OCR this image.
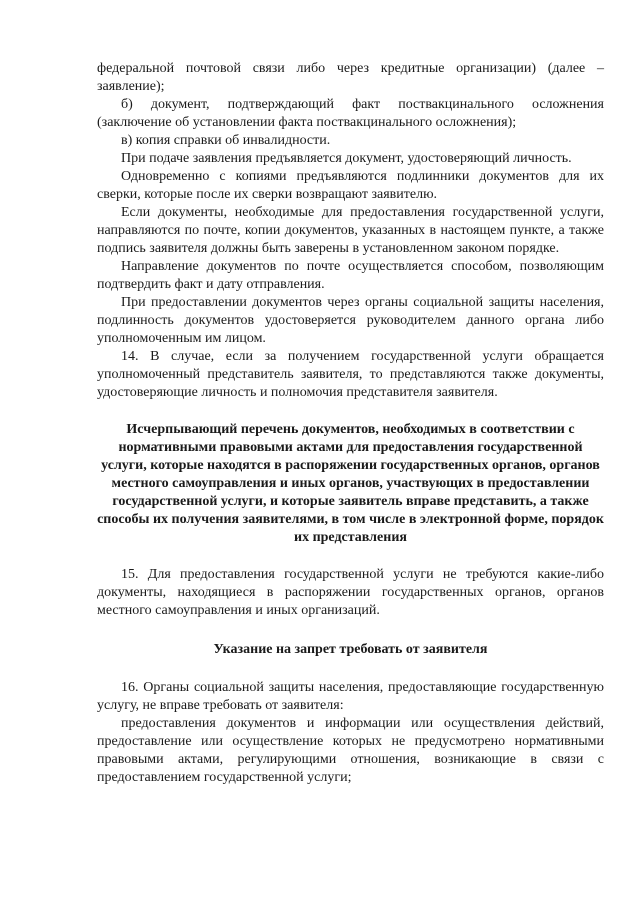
федеральной почтовой связи либо через кредитные организации) (далее – заявление);

б) документ, подтверждающий факт поствакцинального осложнения (заключение об установлении факта поствакцинального осложнения);

в) копия справки об инвалидности.

При подаче заявления предъявляется документ, удостоверяющий личность.

Одновременно с копиями предъявляются подлинники документов для их сверки, которые после их сверки возвращают заявителю.

Если документы, необходимые для предоставления государственной услуги, направляются по почте, копии документов, указанных в настоящем пункте, а также подпись заявителя должны быть заверены в установленном законом порядке.

Направление документов по почте осуществляется способом, позволяющим подтвердить факт и дату отправления.

При предоставлении документов через органы социальной защиты населения, подлинность документов удостоверяется руководителем данного органа либо уполномоченным им лицом.

14. В случае, если за получением государственной услуги обращается уполномоченный представитель заявителя, то представляются также документы, удостоверяющие личность и полномочия представителя заявителя.

Исчерпывающий перечень документов, необходимых в соответствии с нормативными правовыми актами для предоставления государственной услуги, которые находятся в распоряжении государственных органов, органов местного самоуправления и иных органов, участвующих в предоставлении государственной услуги, и которые заявитель вправе представить, а также способы их получения заявителями, в том числе в электронной форме, порядок их представления

15. Для предоставления государственной услуги не требуются какие-либо документы, находящиеся в распоряжении государственных органов, органов местного самоуправления и иных организаций.

Указание на запрет требовать от заявителя

16. Органы социальной защиты населения, предоставляющие государственную услугу, не вправе требовать от заявителя:

предоставления документов и информации или осуществления действий, предоставление или осуществление которых не предусмотрено нормативными правовыми актами, регулирующими отношения, возникающие в связи с предоставлением государственной услуги;
